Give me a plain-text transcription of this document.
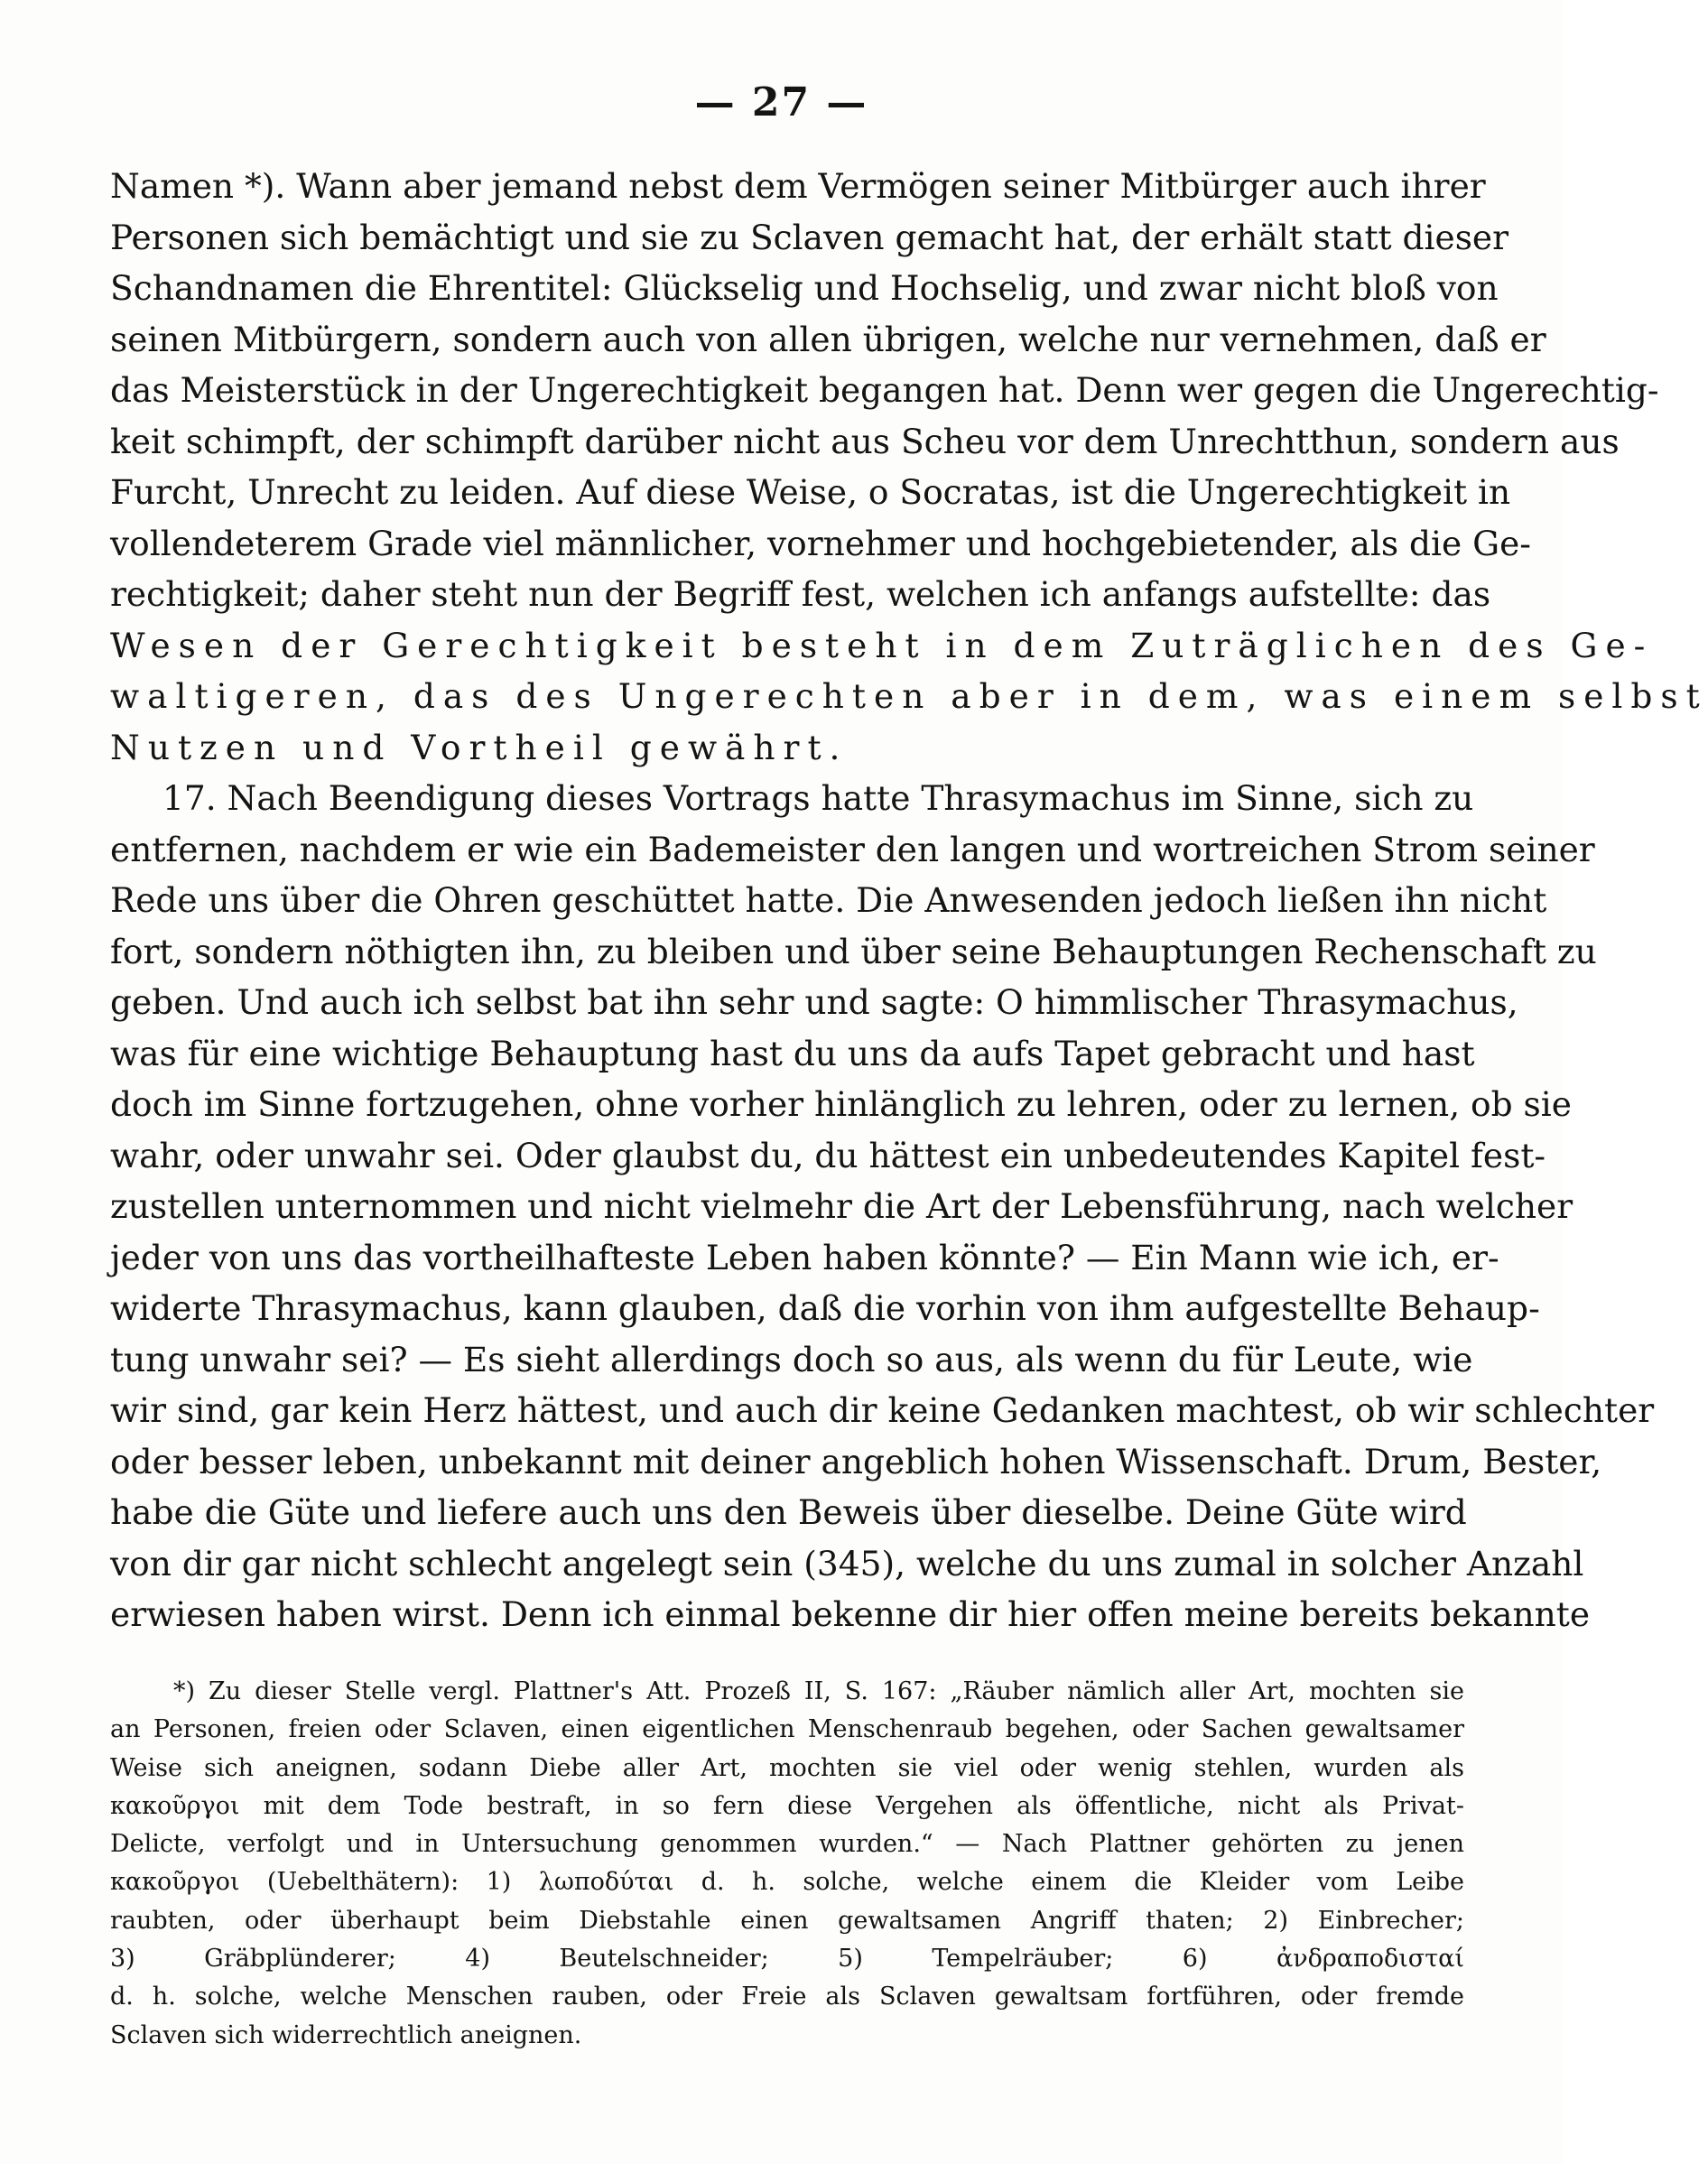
— 27 —
Namen *). Wann aber jemand nebst dem Vermögen seiner Mitbürger auch ihrer
Personen sich bemächtigt und sie zu Sclaven gemacht hat, der erhält statt dieser
Schandnamen die Ehrentitel: Glückselig und Hochselig, und zwar nicht bloß von
seinen Mitbürgern, sondern auch von allen übrigen, welche nur vernehmen, daß er
das Meisterstück in der Ungerechtigkeit begangen hat. Denn wer gegen die Ungerechtig-
keit schimpft, der schimpft darüber nicht aus Scheu vor dem Unrechtthun, sondern aus
Furcht, Unrecht zu leiden. Auf diese Weise, o Socratas, ist die Ungerechtigkeit in
vollendeterem Grade viel männlicher, vornehmer und hochgebietender, als die Ge-
rechtigkeit; daher steht nun der Begriff fest, welchen ich anfangs aufstellte: das
Wesen der Gerechtigkeit besteht in dem Zuträglichen des Ge-
waltigeren, das des Ungerechten aber in dem, was einem selbst
Nutzen und Vortheil gewährt.
17. Nach Beendigung dieses Vortrags hatte Thrasymachus im Sinne, sich zu
entfernen, nachdem er wie ein Bademeister den langen und wortreichen Strom seiner
Rede uns über die Ohren geschüttet hatte. Die Anwesenden jedoch ließen ihn nicht
fort, sondern nöthigten ihn, zu bleiben und über seine Behauptungen Rechenschaft zu
geben. Und auch ich selbst bat ihn sehr und sagte: O himmlischer Thrasymachus,
was für eine wichtige Behauptung hast du uns da aufs Tapet gebracht und hast
doch im Sinne fortzugehen, ohne vorher hinlänglich zu lehren, oder zu lernen, ob sie
wahr, oder unwahr sei. Oder glaubst du, du hättest ein unbedeutendes Kapitel fest-
zustellen unternommen und nicht vielmehr die Art der Lebensführung, nach welcher
jeder von uns das vortheilhafteste Leben haben könnte? — Ein Mann wie ich, er-
widerte Thrasymachus, kann glauben, daß die vorhin von ihm aufgestellte Behaup-
tung unwahr sei? — Es sieht allerdings doch so aus, als wenn du für Leute, wie
wir sind, gar kein Herz hättest, und auch dir keine Gedanken machtest, ob wir schlechter
oder besser leben, unbekannt mit deiner angeblich hohen Wissenschaft. Drum, Bester,
habe die Güte und liefere auch uns den Beweis über dieselbe. Deine Güte wird
von dir gar nicht schlecht angelegt sein (345), welche du uns zumal in solcher Anzahl
erwiesen haben wirst. Denn ich einmal bekenne dir hier offen meine bereits bekannte
*) Zu dieser Stelle vergl. Plattner's Att. Prozeß II, S. 167: „Räuber nämlich aller Art, mochten sie
an Personen, freien oder Sclaven, einen eigentlichen Menschenraub begehen, oder Sachen gewaltsamer
Weise sich aneignen, sodann Diebe aller Art, mochten sie viel oder wenig stehlen, wurden als
κακοῦργοι mit dem Tode bestraft, in so fern diese Vergehen als öffentliche, nicht als Privat-
Delicte, verfolgt und in Untersuchung genommen wurden.“ — Nach Plattner gehörten zu jenen
κακοῦργοι (Uebelthätern): 1) λωποδύται d. h. solche, welche einem die Kleider vom Leibe
raubten, oder überhaupt beim Diebstahle einen gewaltsamen Angriff thaten; 2) Einbrecher;
3) Gräbplünderer; 4) Beutelschneider; 5) Tempelräuber; 6) ἀνδραποδισταί
d. h. solche, welche Menschen rauben, oder Freie als Sclaven gewaltsam fortführen, oder fremde
Sclaven sich widerrechtlich aneignen.
